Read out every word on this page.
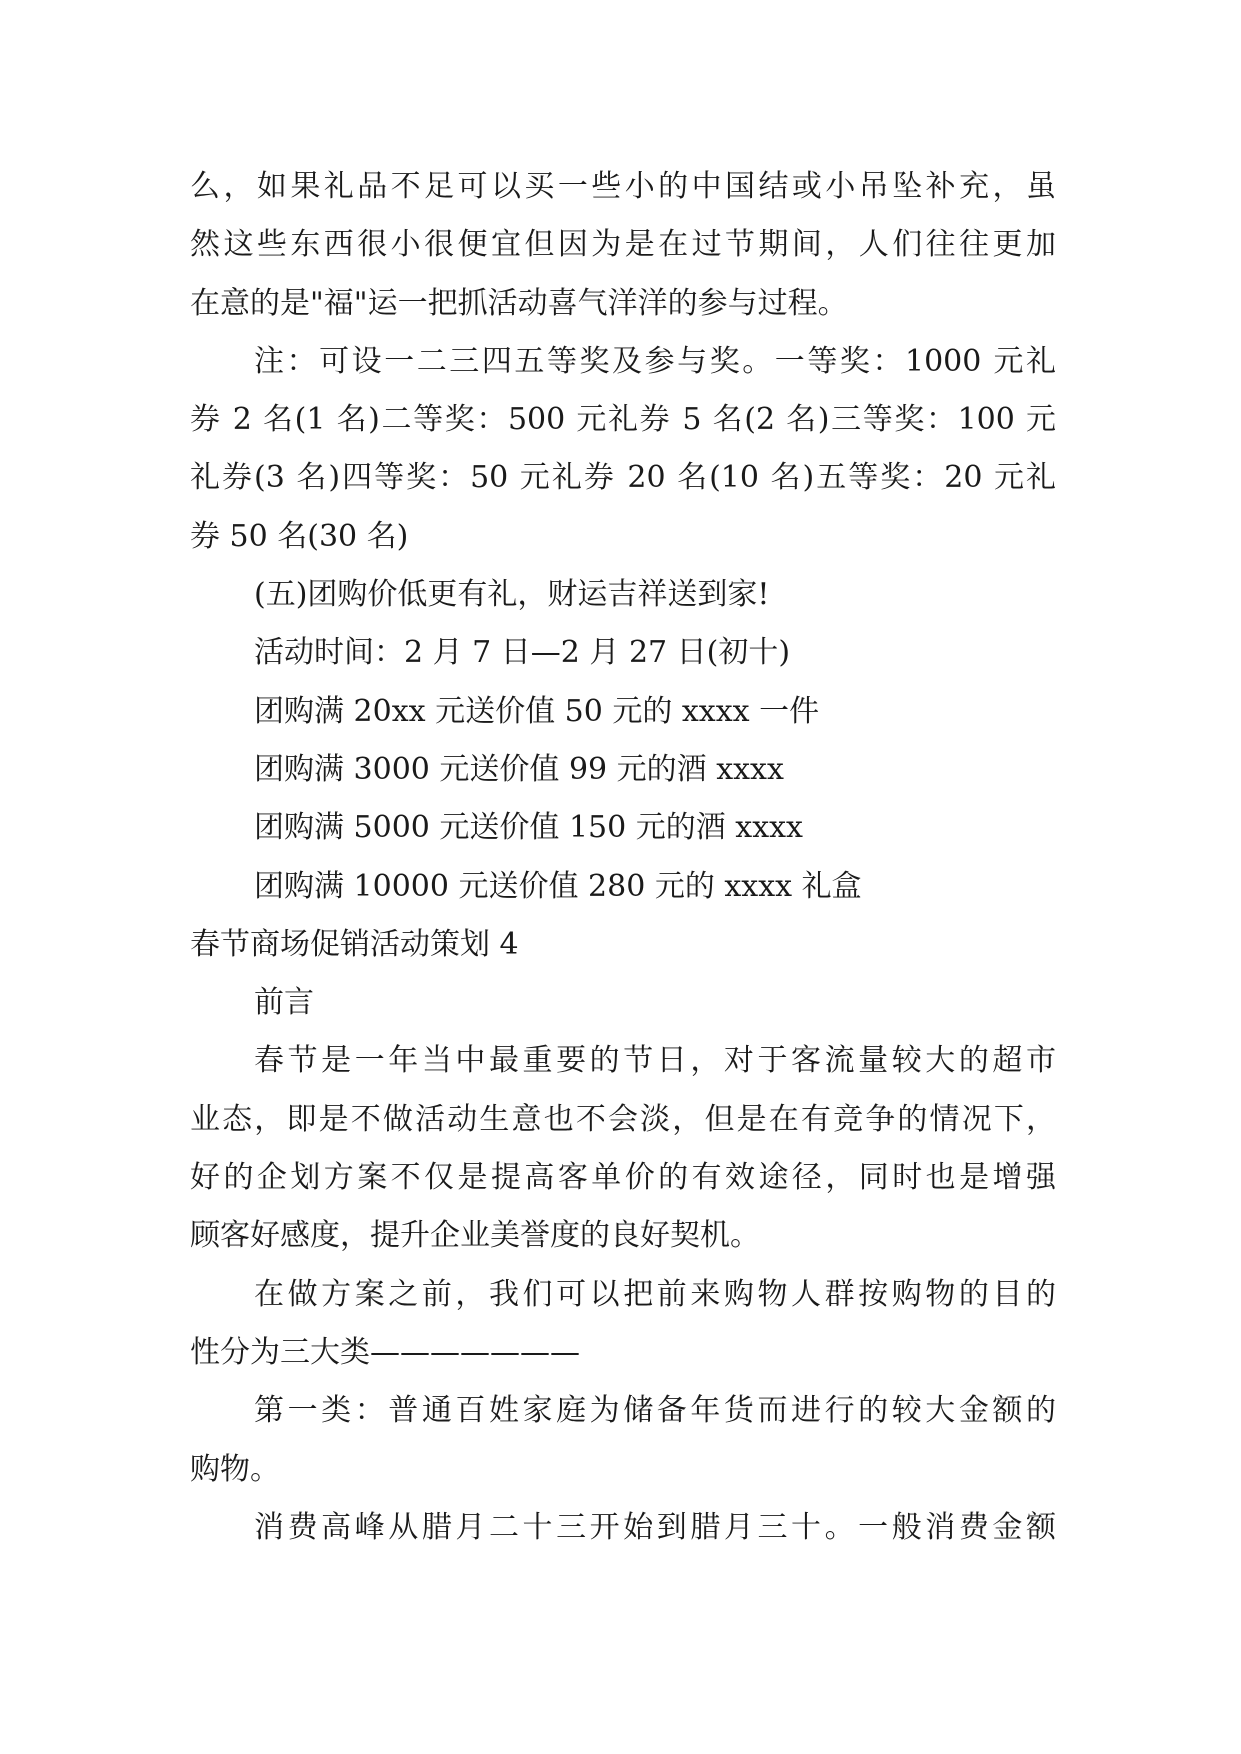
么，如果礼品不足可以买一些小的中国结或小吊坠补充，虽
然这些东西很小很便宜但因为是在过节期间，人们往往更加
在意的是"福"运一把抓活动喜气洋洋的参与过程。
注：可设一二三四五等奖及参与奖。一等奖：1000 元礼
券 2 名(1 名)二等奖：500 元礼券 5 名(2 名)三等奖：100 元
礼券(3 名)四等奖：50 元礼券 20 名(10 名)五等奖：20 元礼
券 50 名(30 名)
(五)团购价低更有礼，财运吉祥送到家!
活动时间：2 月 7 日—2 月 27 日(初十)
团购满 20xx 元送价值 50 元的 xxxx 一件
团购满 3000 元送价值 99 元的酒 xxxx
团购满 5000 元送价值 150 元的酒 xxxx
团购满 10000 元送价值 280 元的 xxxx 礼盒
春节商场促销活动策划 4
前言
春节是一年当中最重要的节日，对于客流量较大的超市
业态，即是不做活动生意也不会淡，但是在有竞争的情况下，
好的企划方案不仅是提高客单价的有效途径，同时也是增强
顾客好感度，提升企业美誉度的良好契机。
在做方案之前，我们可以把前来购物人群按购物的目的
性分为三大类———————
第一类：普通百姓家庭为储备年货而进行的较大金额的
购物。
消费高峰从腊月二十三开始到腊月三十。一般消费金额
